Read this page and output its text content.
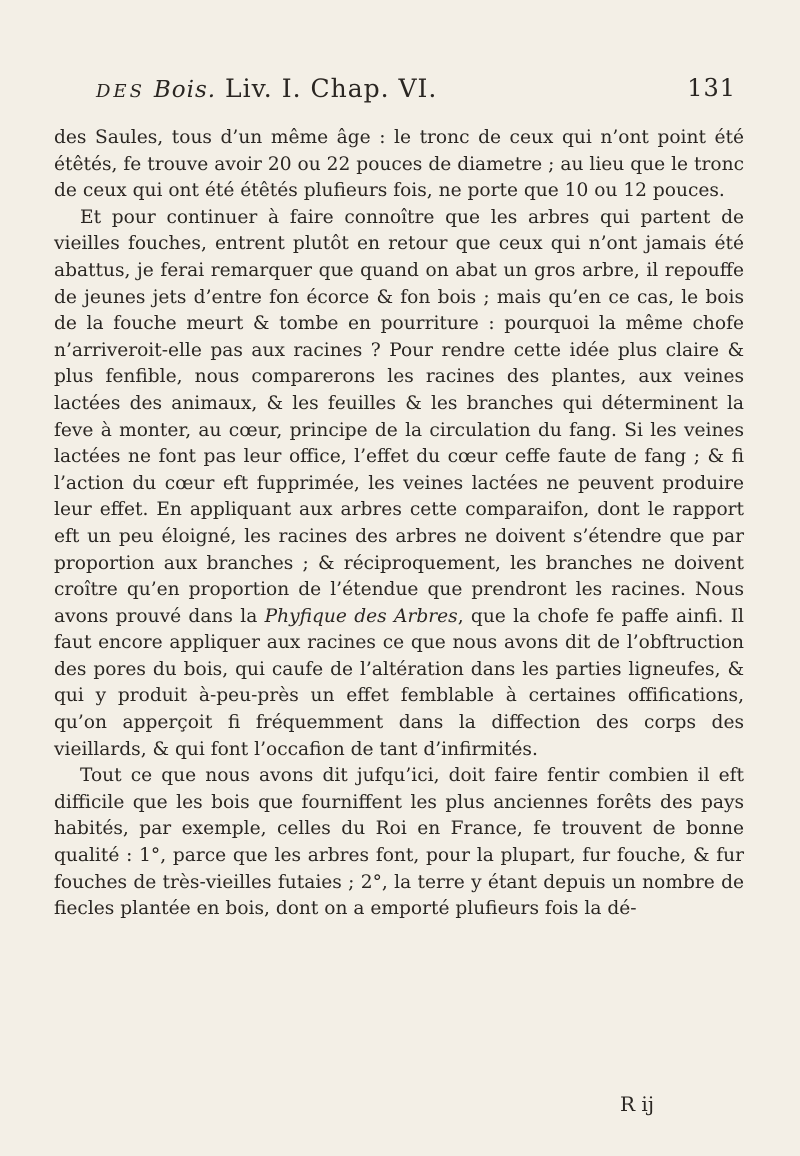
DES Bois. Liv. I. Chap. VI.	131

des Saules, tous d’un même âge : le tronc de ceux qui n’ont point été étêtés, fe trouve avoir 20 ou 22 pouces de diametre ; au lieu que le tronc de ceux qui ont été étêtés plufieurs fois, ne porte que 10 ou 12 pouces.

Et pour continuer à faire connoître que les arbres qui partent de vieilles fouches, entrent plutôt en retour que ceux qui n’ont jamais été abattus, je ferai remarquer que quand on abat un gros arbre, il repouffe de jeunes jets d’entre fon écorce & fon bois ; mais qu’en ce cas, le bois de la fouche meurt & tombe en pourriture : pourquoi la même chofe n’arriveroit-elle pas aux racines ? Pour rendre cette idée plus claire & plus fenfible, nous comparerons les racines des plantes, aux veines lactées des animaux, & les feuilles & les branches qui déterminent la feve à monter, au cœur, principe de la circulation du fang. Si les veines lactées ne font pas leur office, l’effet du cœur ceffe faute de fang ; & fi l’action du cœur eft fupprimée, les veines lactées ne peuvent produire leur effet. En appliquant aux arbres cette comparaifon, dont le rapport eft un peu éloigné, les racines des arbres ne doivent s’étendre que par proportion aux branches ; & réciproquement, les branches ne doivent croître qu’en proportion de l’étendue que prendront les racines. Nous avons prouvé dans la Phyfique des Arbres, que la chofe fe paffe ainfi. Il faut encore appliquer aux racines ce que nous avons dit de l’obftruction des pores du bois, qui caufe de l’altération dans les parties ligneufes, & qui y produit à-peu-près un effet femblable à certaines offifications, qu’on apperçoit fi fréquemment dans la diffection des corps des vieillards, & qui font l’occafion de tant d’infirmités.

Tout ce que nous avons dit jufqu’ici, doit faire fentir combien il eft difficile que les bois que fourniffent les plus anciennes forêts des pays habités, par exemple, celles du Roi en France, fe trouvent de bonne qualité : 1°, parce que les arbres font, pour la plupart, fur fouche, & fur fouches de très-vieilles futaies ; 2°, la terre y étant depuis un nombre de fiecles plantée en bois, dont on a emporté plufieurs fois la dé-

R ij
